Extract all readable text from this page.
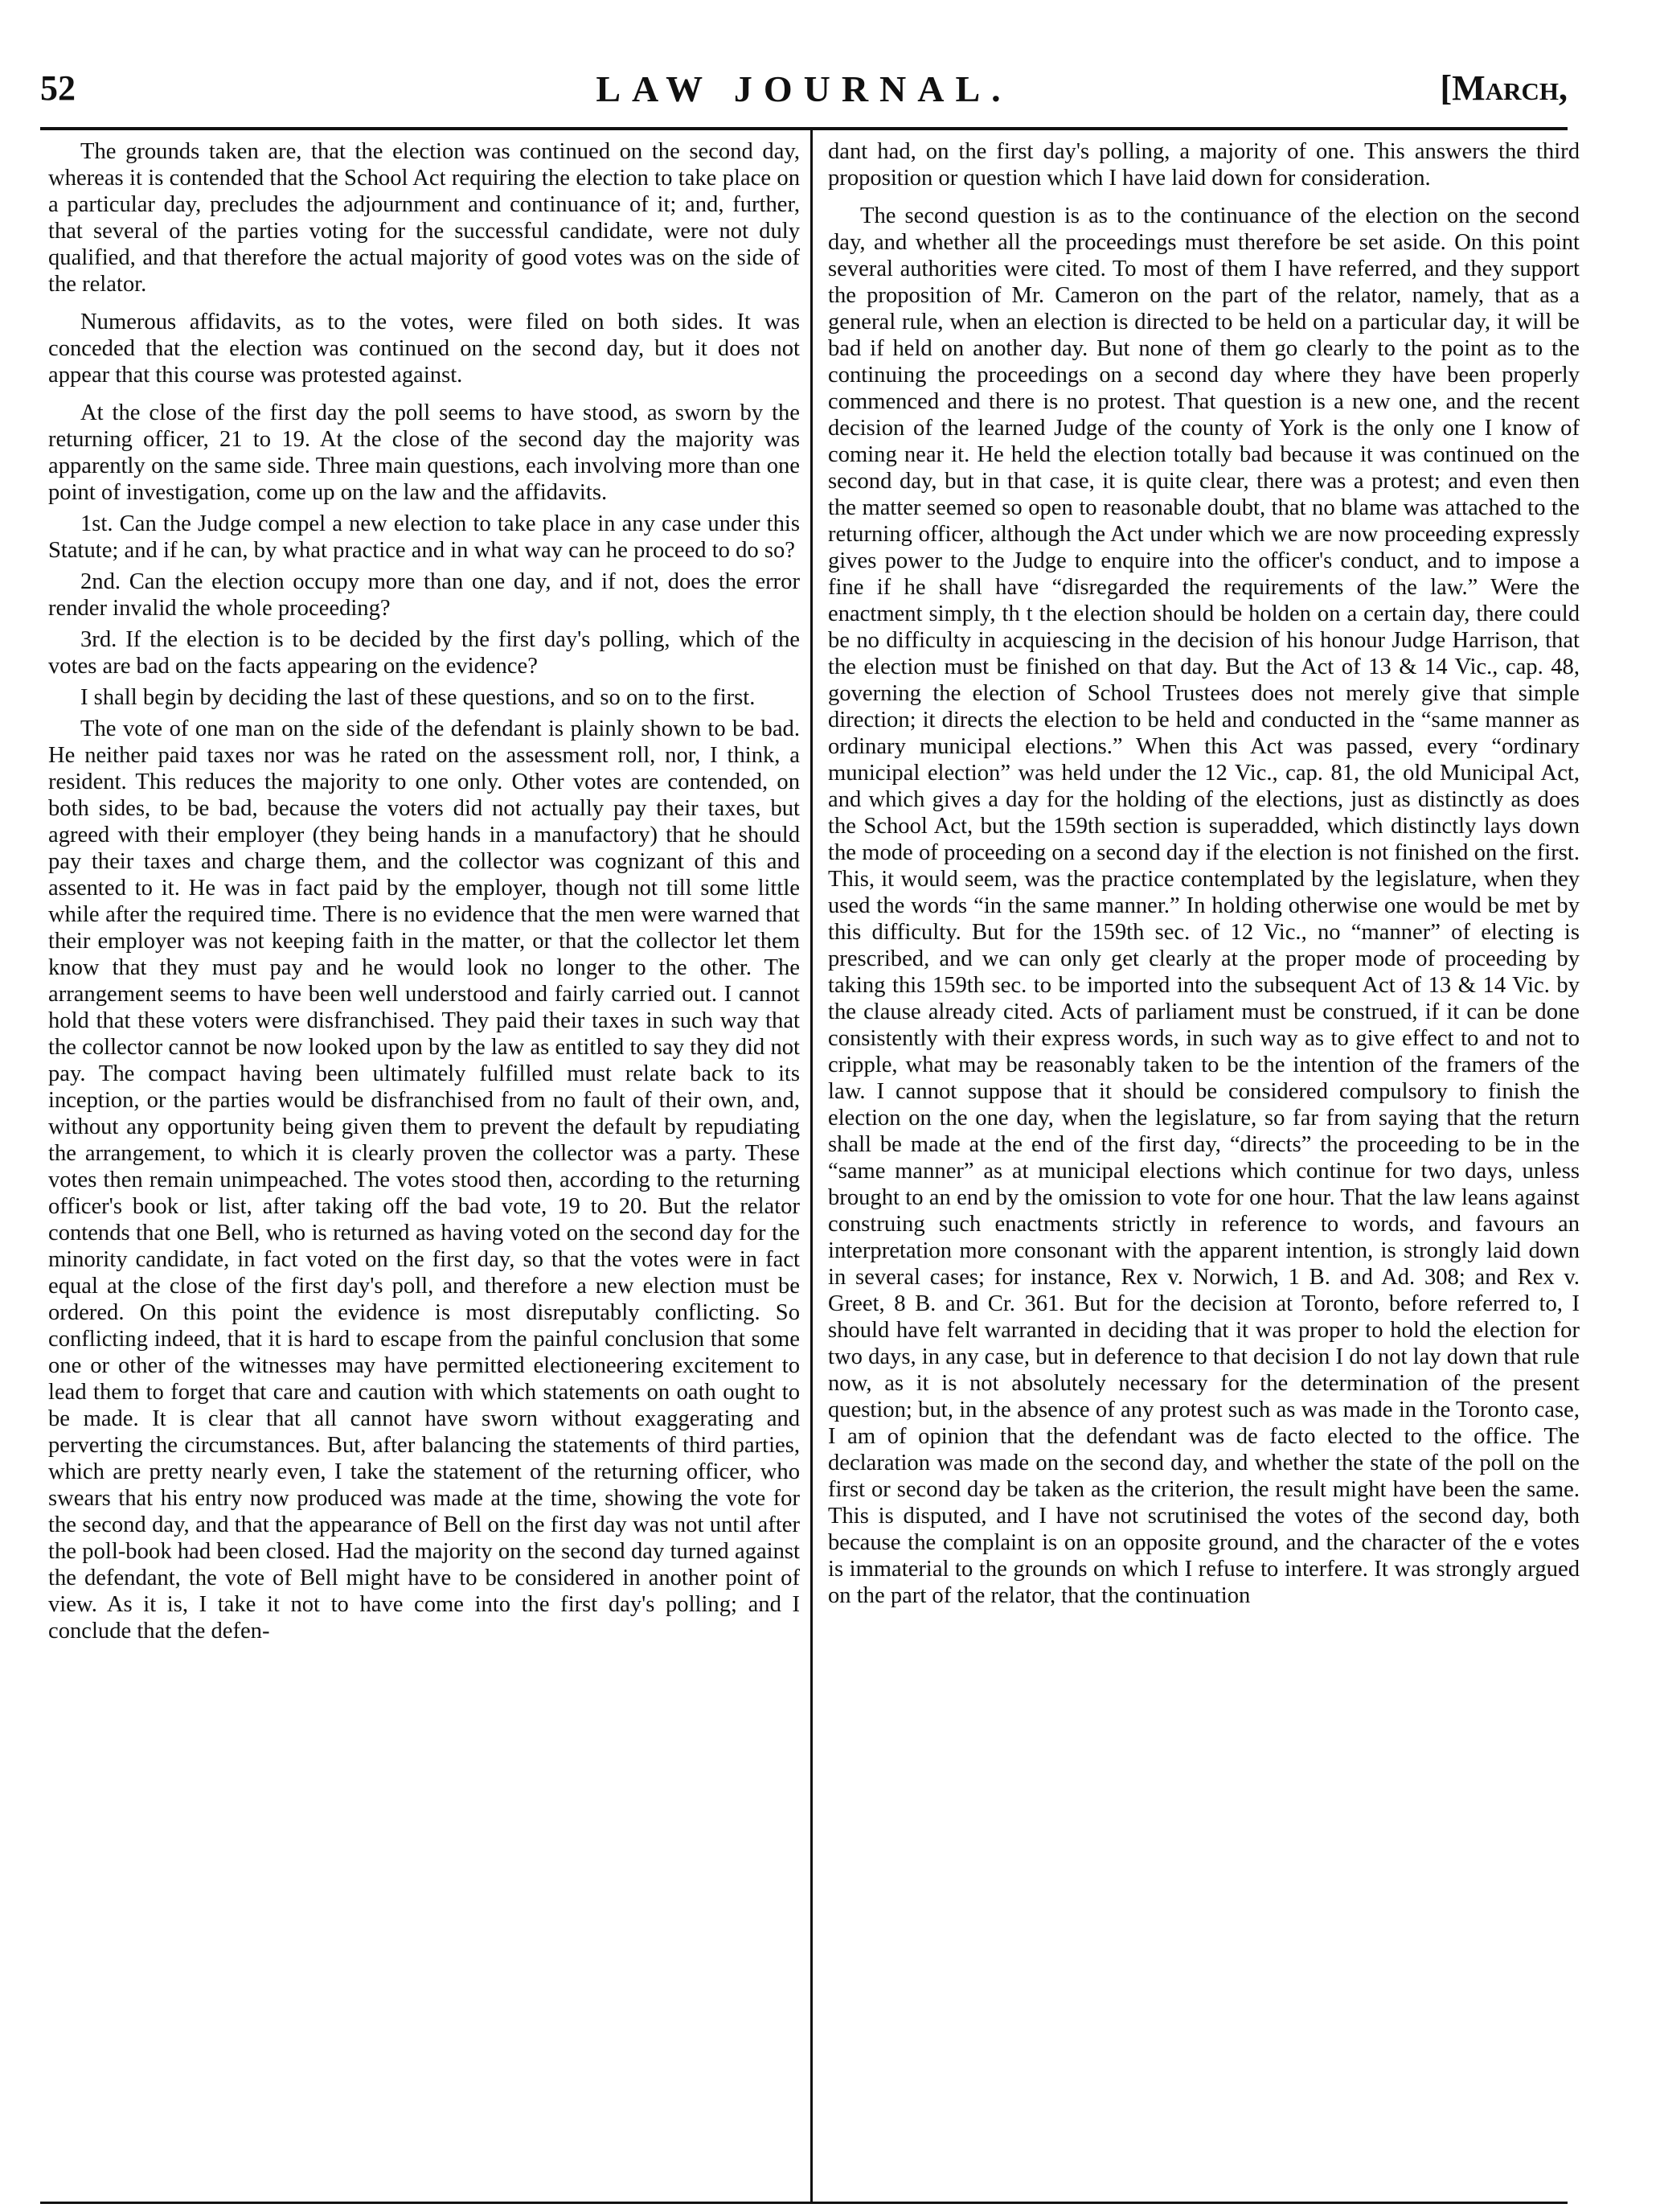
52	LAW JOURNAL.	[March,

The grounds taken are, that the election was continued on the second day, whereas it is contended that the School Act requiring the election to take place on a particular day, precludes the adjournment and continuance of it; and, further, that several of the parties voting for the successful candidate, were not duly qualified, and that therefore the actual majority of good votes was on the side of the relator.

Numerous affidavits, as to the votes, were filed on both sides. It was conceded that the election was continued on the second day, but it does not appear that this course was protested against.

At the close of the first day the poll seems to have stood, as sworn by the returning officer, 21 to 19. At the close of the second day the majority was apparently on the same side. Three main questions, each involving more than one point of investigation, come up on the law and the affidavits.

1st. Can the Judge compel a new election to take place in any case under this Statute; and if he can, by what practice and in what way can he proceed to do so?

2nd. Can the election occupy more than one day, and if not, does the error render invalid the whole proceeding?

3rd. If the election is to be decided by the first day's polling, which of the votes are bad on the facts appearing on the evidence?

I shall begin by deciding the last of these questions, and so on to the first.

The vote of one man on the side of the defendant is plainly shown to be bad. He neither paid taxes nor was he rated on the assessment roll, nor, I think, a resident. This reduces the majority to one only. Other votes are contended, on both sides, to be bad, because the voters did not actually pay their taxes, but agreed with their employer (they being hands in a manufactory) that he should pay their taxes and charge them, and the collector was cognizant of this and assented to it. He was in fact paid by the employer, though not till some little while after the required time. There is no evidence that the men were warned that their employer was not keeping faith in the matter, or that the collector let them know that they must pay and he would look no longer to the other. The arrangement seems to have been well understood and fairly carried out. I cannot hold that these voters were disfranchised. They paid their taxes in such way that the collector cannot be now looked upon by the law as entitled to say they did not pay. The compact having been ultimately fulfilled must relate back to its inception, or the parties would be disfranchised from no fault of their own, and, without any opportunity being given them to prevent the default by repudiating the arrangement, to which it is clearly proven the collector was a party. These votes then remain unimpeached. The votes stood then, according to the returning officer's book or list, after taking off the bad vote, 19 to 20. But the relator contends that one Bell, who is returned as having voted on the second day for the minority candidate, in fact voted on the first day, so that the votes were in fact equal at the close of the first day's poll, and therefore a new election must be ordered. On this point the evidence is most disreputably conflicting. So conflicting indeed, that it is hard to escape from the painful conclusion that some one or other of the witnesses may have permitted electioneering excitement to lead them to forget that care and caution with which statements on oath ought to be made. It is clear that all cannot have sworn without exaggerating and perverting the circumstances. But, after balancing the statements of third parties, which are pretty nearly even, I take the statement of the returning officer, who swears that his entry now produced was made at the time, showing the vote for the second day, and that the appearance of Bell on the first day was not until after the poll-book had been closed. Had the majority on the second day turned against the defendant, the vote of Bell might have to be considered in another point of view. As it is, I take it not to have come into the first day's polling; and I conclude that the defen-

dant had, on the first day's polling, a majority of one. This answers the third proposition or question which I have laid down for consideration.

The second question is as to the continuance of the election on the second day, and whether all the proceedings must therefore be set aside. On this point several authorities were cited. To most of them I have referred, and they support the proposition of Mr. Cameron on the part of the relator, namely, that as a general rule, when an election is directed to be held on a particular day, it will be bad if held on another day. But none of them go clearly to the point as to the continuing the proceedings on a second day where they have been properly commenced and there is no protest. That question is a new one, and the recent decision of the learned Judge of the county of York is the only one I know of coming near it. He held the election totally bad because it was continued on the second day, but in that case, it is quite clear, there was a protest; and even then the matter seemed so open to reasonable doubt, that no blame was attached to the returning officer, although the Act under which we are now proceeding expressly gives power to the Judge to enquire into the officer's conduct, and to impose a fine if he shall have “disregarded the requirements of the law.” Were the enactment simply, th t the election should be holden on a certain day, there could be no difficulty in acquiescing in the decision of his honour Judge Harrison, that the election must be finished on that day. But the Act of 13 & 14 Vic., cap. 48, governing the election of School Trustees does not merely give that simple direction; it directs the election to be held and conducted in the “same manner as ordinary municipal elections.” When this Act was passed, every “ordinary municipal election” was held under the 12 Vic., cap. 81, the old Municipal Act, and which gives a day for the holding of the elections, just as distinctly as does the School Act, but the 159th section is superadded, which distinctly lays down the mode of proceeding on a second day if the election is not finished on the first. This, it would seem, was the practice contemplated by the legislature, when they used the words “in the same manner.” In holding otherwise one would be met by this difficulty. But for the 159th sec. of 12 Vic., no “manner” of electing is prescribed, and we can only get clearly at the proper mode of proceeding by taking this 159th sec. to be imported into the subsequent Act of 13 & 14 Vic. by the clause already cited. Acts of parliament must be construed, if it can be done consistently with their express words, in such way as to give effect to and not to cripple, what may be reasonably taken to be the intention of the framers of the law. I cannot suppose that it should be considered compulsory to finish the election on the one day, when the legislature, so far from saying that the return shall be made at the end of the first day, “directs” the proceeding to be in the “same manner” as at municipal elections which continue for two days, unless brought to an end by the omission to vote for one hour. That the law leans against construing such enactments strictly in reference to words, and favours an interpretation more consonant with the apparent intention, is strongly laid down in several cases; for instance, Rex v. Norwich, 1 B. and Ad. 308; and Rex v. Greet, 8 B. and Cr. 361. But for the decision at Toronto, before referred to, I should have felt warranted in deciding that it was proper to hold the election for two days, in any case, but in deference to that decision I do not lay down that rule now, as it is not absolutely necessary for the determination of the present question; but, in the absence of any protest such as was made in the Toronto case, I am of opinion that the defendant was de facto elected to the office. The declaration was made on the second day, and whether the state of the poll on the first or second day be taken as the criterion, the result might have been the same. This is disputed, and I have not scrutinised the votes of the second day, both because the complaint is on an opposite ground, and the character of the e votes is immaterial to the grounds on which I refuse to interfere. It was strongly argued on the part of the relator, that the continuation
